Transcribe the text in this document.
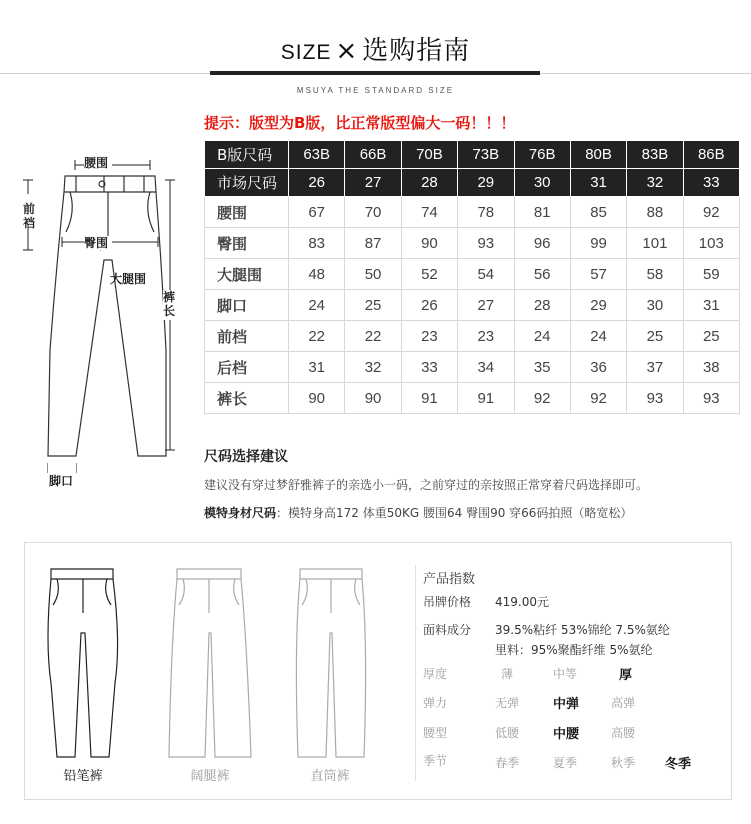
SIZE × 选购指南
MSUYA THE STANDARD SIZE
提示：版型为B版，比正常版型偏大一码！！！
腰围
前裆
臀围
大腿围
裤长
脚口
B版尺码	63B	66B	70B	73B	76B	80B	83B	86B
市场尺码	26	27	28	29	30	31	32	33
腰围	67	70	74	78	81	85	88	92
臀围	83	87	90	93	96	99	101	103
大腿围	48	50	52	54	56	57	58	59
脚口	24	25	26	27	28	29	30	31
前档	22	22	23	23	24	24	25	25
后档	31	32	33	34	35	36	37	38
裤长	90	90	91	91	92	92	93	93
尺码选择建议
建议没有穿过梦舒雅裤子的亲选小一码，之前穿过的亲按照正常穿着尺码选择即可。
模特身材尺码：模特身高172 体重50KG 腰围64 臀围90 穿66码拍照（略宽松）
铅笔裤	阔腿裤	直筒裤
产品指数
吊牌价格 419.00元
面料成分 39.5%粘纤 53%锦纶 7.5%氨纶
里料：95%聚酯纤维 5%氨纶
厚度	薄	中等	厚
弹力	无弹	中弹	高弹
腰型	低腰	中腰	高腰
季节	春季	夏季	秋季 冬季
